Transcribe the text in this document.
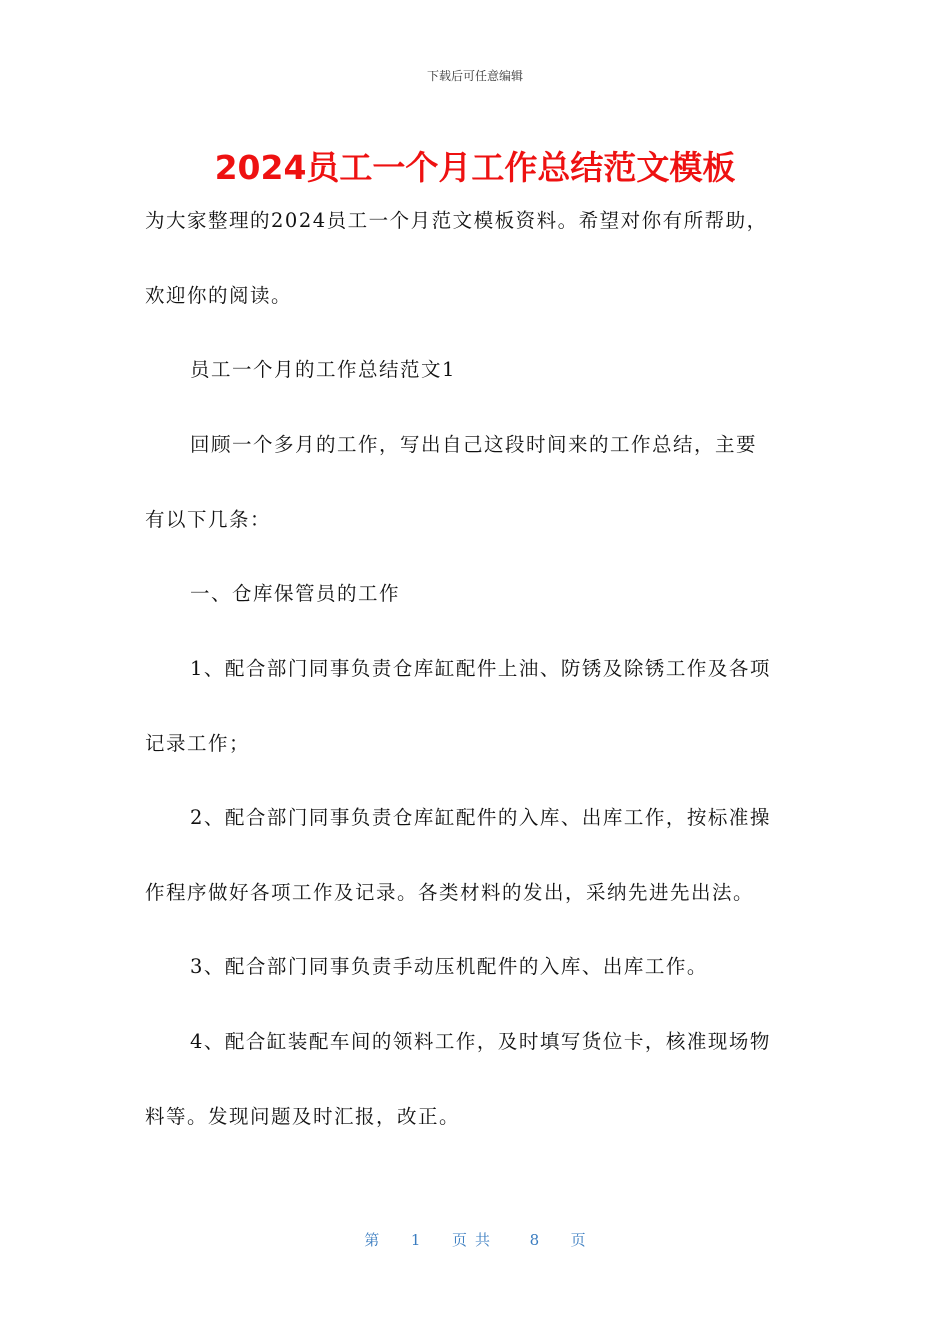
下载后可任意编辑
2024员工一个月工作总结范文模板
为大家整理的2024员工一个月范文模板资料。希望对你有所帮助，
欢迎你的阅读。
员工一个月的工作总结范文1
回顾一个多月的工作，写出自己这段时间来的工作总结，主要
有以下几条：
一、仓库保管员的工作
1、配合部门同事负责仓库缸配件上油、防锈及除锈工作及各项
记录工作；
2、配合部门同事负责仓库缸配件的入库、出库工作，按标准操
作程序做好各项工作及记录。各类材料的发出，采纳先进先出法。
3、配合部门同事负责手动压机配件的入库、出库工作。
4、配合缸装配车间的领料工作，及时填写货位卡，核准现场物
料等。发现问题及时汇报，改正。
第 1 页共 8 页
